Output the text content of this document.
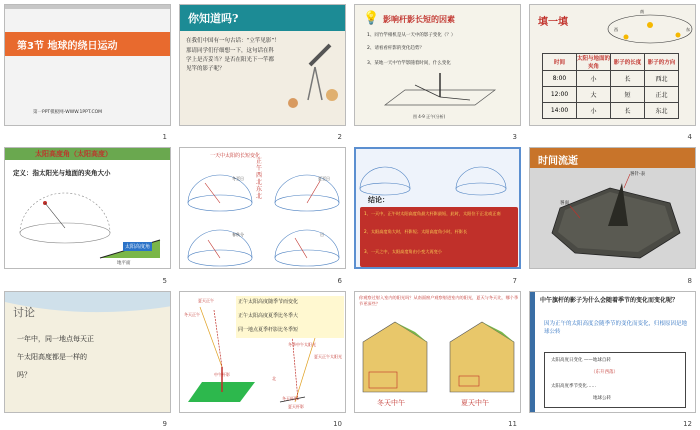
第3节 地球的绕日运动
第一PPT模板网-WWW.1PPT.COM
1
你知道吗?
在我们中国有一句古话：“立竿见影”！
那请同学们仔细想一下，这句话在科
学上是否妥当？是否在阳光下一竿都
见竿的影子呢？
2
💡 影响杆影长短的因素
1、同竹竿相机是从一天中的影子变化（？）
2、请看看杆影的变化趋势？
3、某地一天中竹竿影随着时间，什么变化
图 4-9 正午(分析)
3
填一填
西
南
东
时间	太阳与地面的夹角	影子的长度	影子的方向
8:00	小	长	西北
12:00	大	短	正北
14:00	小	长	东北
4
太阳高度角（太阳高度）
定义：指太阳光与地面的夹角大小
太阳高度角
地平面
5
一天中太阳的长短变化
正午西北东北
冬至日	夏至日
春秋分	日
6
结论：
1、一天中，正午时太阳高度角最大杆影最短，此时，太阳位于正北或正南
2、太阳高度角大时，杆影短；太阳高度角小时，杆影长
3、一天之中，太阳高度角由小变大再变小
7
时间流逝
晷针-表
晷面
8
讨论
一年中，同一地点每天正
午太阳高度都是一样的
吗？
9
正午太阳高度随季节而变化
正午太阳高度夏季比冬季大
同一地点夏季杆影比冬季短
夏天正午
冬天正午
中午杆影
冬季中午太阳光
夏天正午太阳光
北
冬天杆影
夏天杆影
10
你观察过射入室内的阳光吗？从南面窗户观察射进室内的阳光，夏天与冬天比，哪个季节更深些？
冬天中午	夏天中午
11
中午旗杆的影子为什么会随着季节的变化而变化呢？
因为正午的太阳高度会随季节的变化而变化，归根原因是地球公转
太阳高度日变化 ——地球自转
（东升西落）
太阳高度季节变化……
地球公转
12
